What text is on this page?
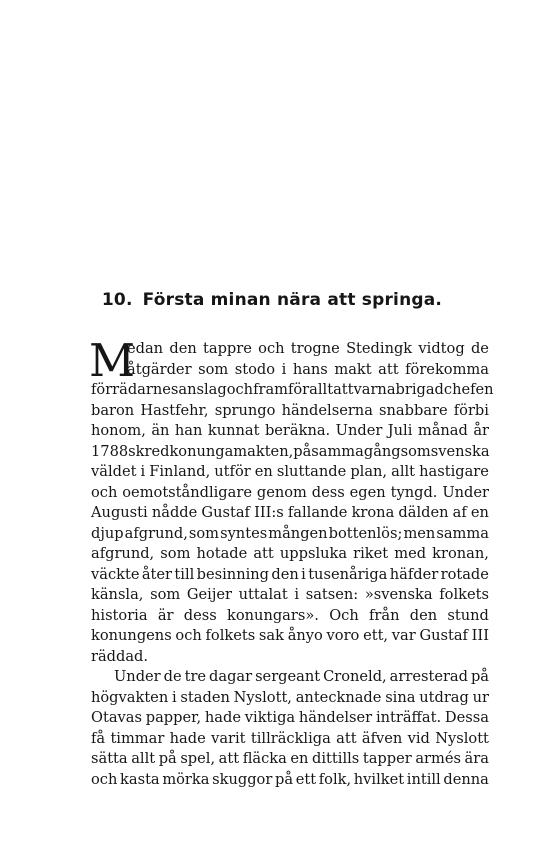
10. Första minan nära att springa.
M
edan den tappre och trogne Stedingk vidtog de
åtgärder som stodo i hans makt att förekomma
förrädarnes anslag och framför allt att varna brigadchefen
baron Hastfehr, sprungo händelserna snabbare förbi
honom, än han kunnat beräkna. Under Juli månad år
1788 skred konungamakten, på samma gång som svenska
väldet i Finland, utför en sluttande plan, allt hastigare
och oemotståndligare genom dess egen tyngd. Under
Augusti nådde Gustaf III:s fallande krona dälden af en
djup afgrund, som syntes mången bottenlös; men samma
afgrund, som hotade att uppsluka riket med kronan,
väckte åter till besinning den i tusenåriga häfder rotade
känsla, som Geijer uttalat i satsen: »svenska folkets
historia är dess konungars». Och från den stund
konungens och folkets sak ånyo voro ett, var Gustaf III
räddad.
Under de tre dagar sergeant Croneld, arresterad på
högvakten i staden Nyslott, antecknade sina utdrag ur
Otavas papper, hade viktiga händelser inträffat. Dessa
få timmar hade varit tillräckliga att äfven vid Nyslott
sätta allt på spel, att fläcka en dittills tapper armés ära
och kasta mörka skuggor på ett folk, hvilket intill denna
